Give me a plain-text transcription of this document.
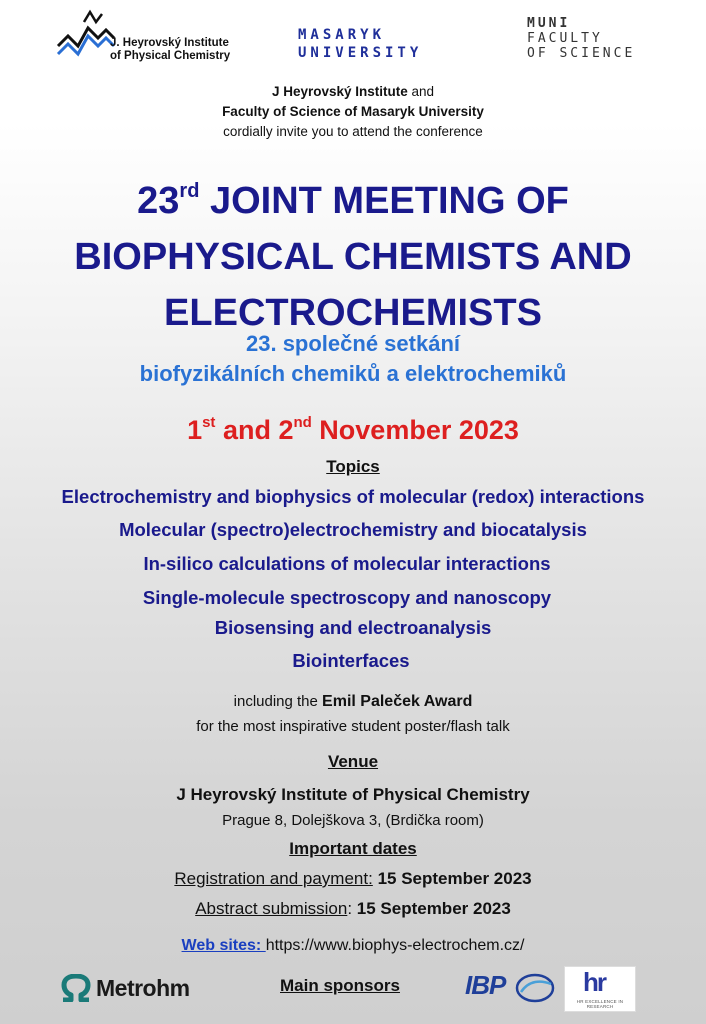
J. Heyrovský Institute
of Physical Chemistry
MASARYK
UNIVERSITY
MUNI
FACULTY
OF SCIENCE
J Heyrovský Institute and
Faculty of Science of Masaryk University
cordially invite you to attend the conference
23rd JOINT MEETING OF
BIOPHYSICAL CHEMISTS AND
ELECTROCHEMISTS
23. společné setkání
biofyzikálních chemiků a elektrochemiků
1st and 2nd November 2023
Topics
Electrochemistry and biophysics of molecular (redox) interactions
Molecular (spectro)electrochemistry and biocatalysis
In-silico calculations of molecular interactions
Single-molecule spectroscopy and nanoscopy
Biosensing and electroanalysis
Biointerfaces
including the Emil Paleček Award
for the most inspirative student poster/flash talk
Venue
J Heyrovský Institute of Physical Chemistry
Prague 8, Dolejškova 3, (Brdička room)
Important dates
Registration and payment: 15 September 2023
Abstract submission: 15 September 2023
Web sites: https://www.biophys-electrochem.cz/
Metrohm	Main sponsors	IBP	hr
HR EXCELLENCE IN RESEARCH
